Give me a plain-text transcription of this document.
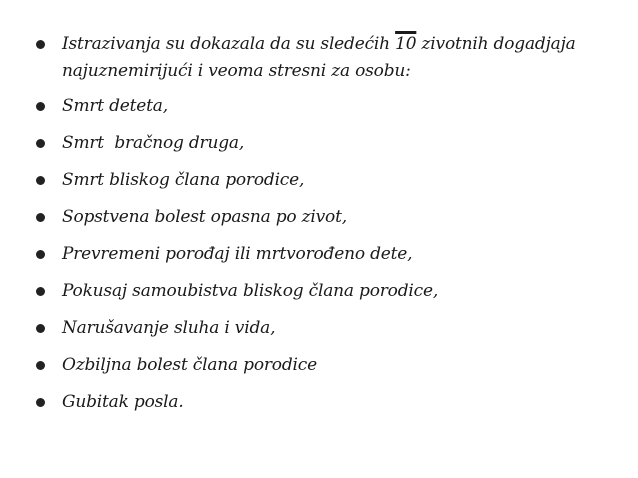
Istrazivanja su dokazala da su sledećih 10 zivotnih dogadjaja najuznemirijući i veoma stresni za osobu:
Smrt deteta,
Smrt  bračnog druga,
Smrt bliskog člana porodice,
Sopstvena bolest opasna po zivot,
Prevremeni porođaj ili mrtvorođeno dete,
Pokusaj samoubistva bliskog člana porodice,
Narušavanje sluha i vida,
Ozbiljna bolest člana porodice
Gubitak posla.
